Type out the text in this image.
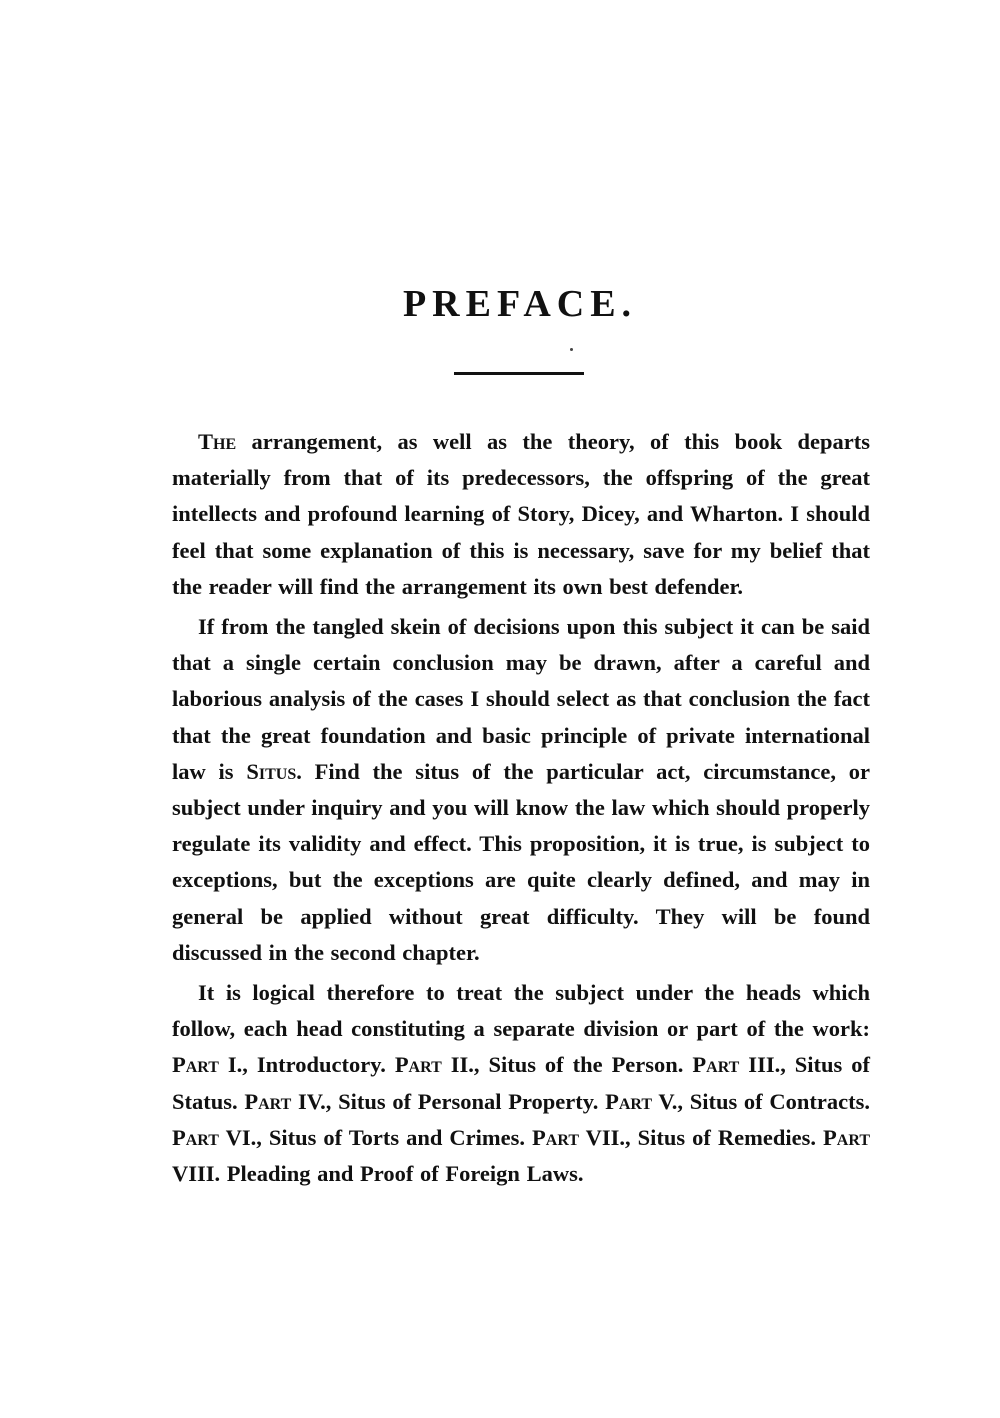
PREFACE.

The arrangement, as well as the theory, of this book departs materially from that of its predecessors, the offspring of the great intellects and profound learning of Story, Dicey, and Wharton. I should feel that some explanation of this is necessary, save for my belief that the reader will find the arrangement its own best defender.

If from the tangled skein of decisions upon this subject it can be said that a single certain conclusion may be drawn, after a careful and laborious analysis of the cases I should select as that conclusion the fact that the great foundation and basic principle of private international law is Situs. Find the situs of the particular act, circumstance, or subject under inquiry and you will know the law which should properly regulate its validity and effect. This proposition, it is true, is subject to exceptions, but the exceptions are quite clearly defined, and may in general be applied without great difficulty. They will be found discussed in the second chapter.

It is logical therefore to treat the subject under the heads which follow, each head constituting a separate division or part of the work: Part I., Introductory. Part II., Situs of the Person. Part III., Situs of Status. Part IV., Situs of Personal Property. Part V., Situs of Contracts. Part VI., Situs of Torts and Crimes. Part VII., Situs of Remedies. Part VIII. Pleading and Proof of Foreign Laws.
